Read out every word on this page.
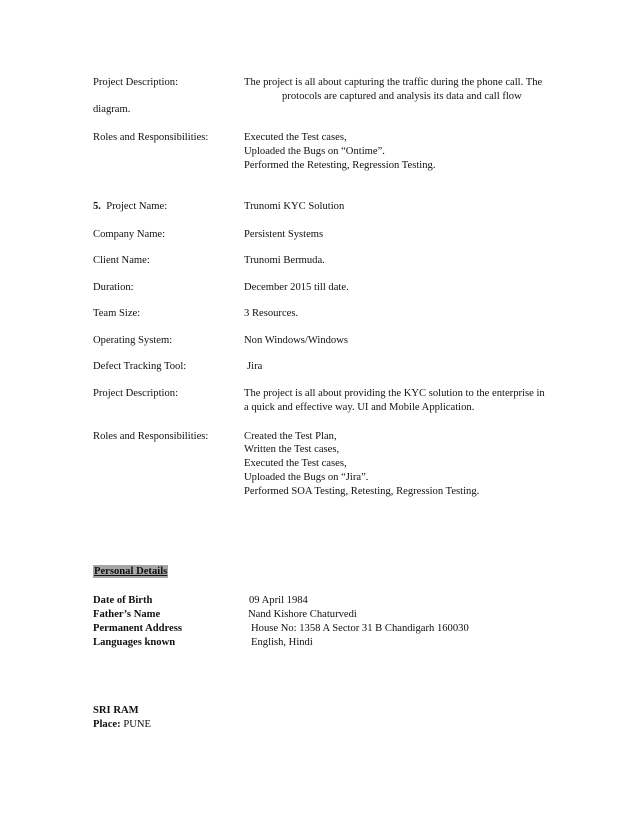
Project Description:	The project is all about capturing the traffic during the phone call. The
protocols are captured and analysis its data and call flow
diagram.
Roles and Responsibilities:	Executed the Test cases,
Uploaded the Bugs on “Ontime”.
Performed the Retesting, Regression Testing.
5. Project Name:	Trunomi KYC Solution
Company Name:	Persistent Systems
Client Name:	Trunomi Bermuda.
Duration:	December 2015 till date.
Team Size:	3 Resources.
Operating System:	Non Windows/Windows
Defect Tracking Tool:	Jira
Project Description:	The project is all about providing the KYC solution to the enterprise in
a quick and effective way. UI and Mobile Application.
Roles and Responsibilities:	Created the Test Plan,
Written the Test cases,
Executed the Test cases,
Uploaded the Bugs on “Jira”.
Performed SOA Testing, Retesting, Regression Testing.
Personal Details
Date of Birth	09 April 1984
Father’s Name	Nand Kishore Chaturvedi
Permanent Address	House No: 1358 A Sector 31 B Chandigarh 160030
Languages known	English, Hindi
SRI RAM
Place: PUNE
